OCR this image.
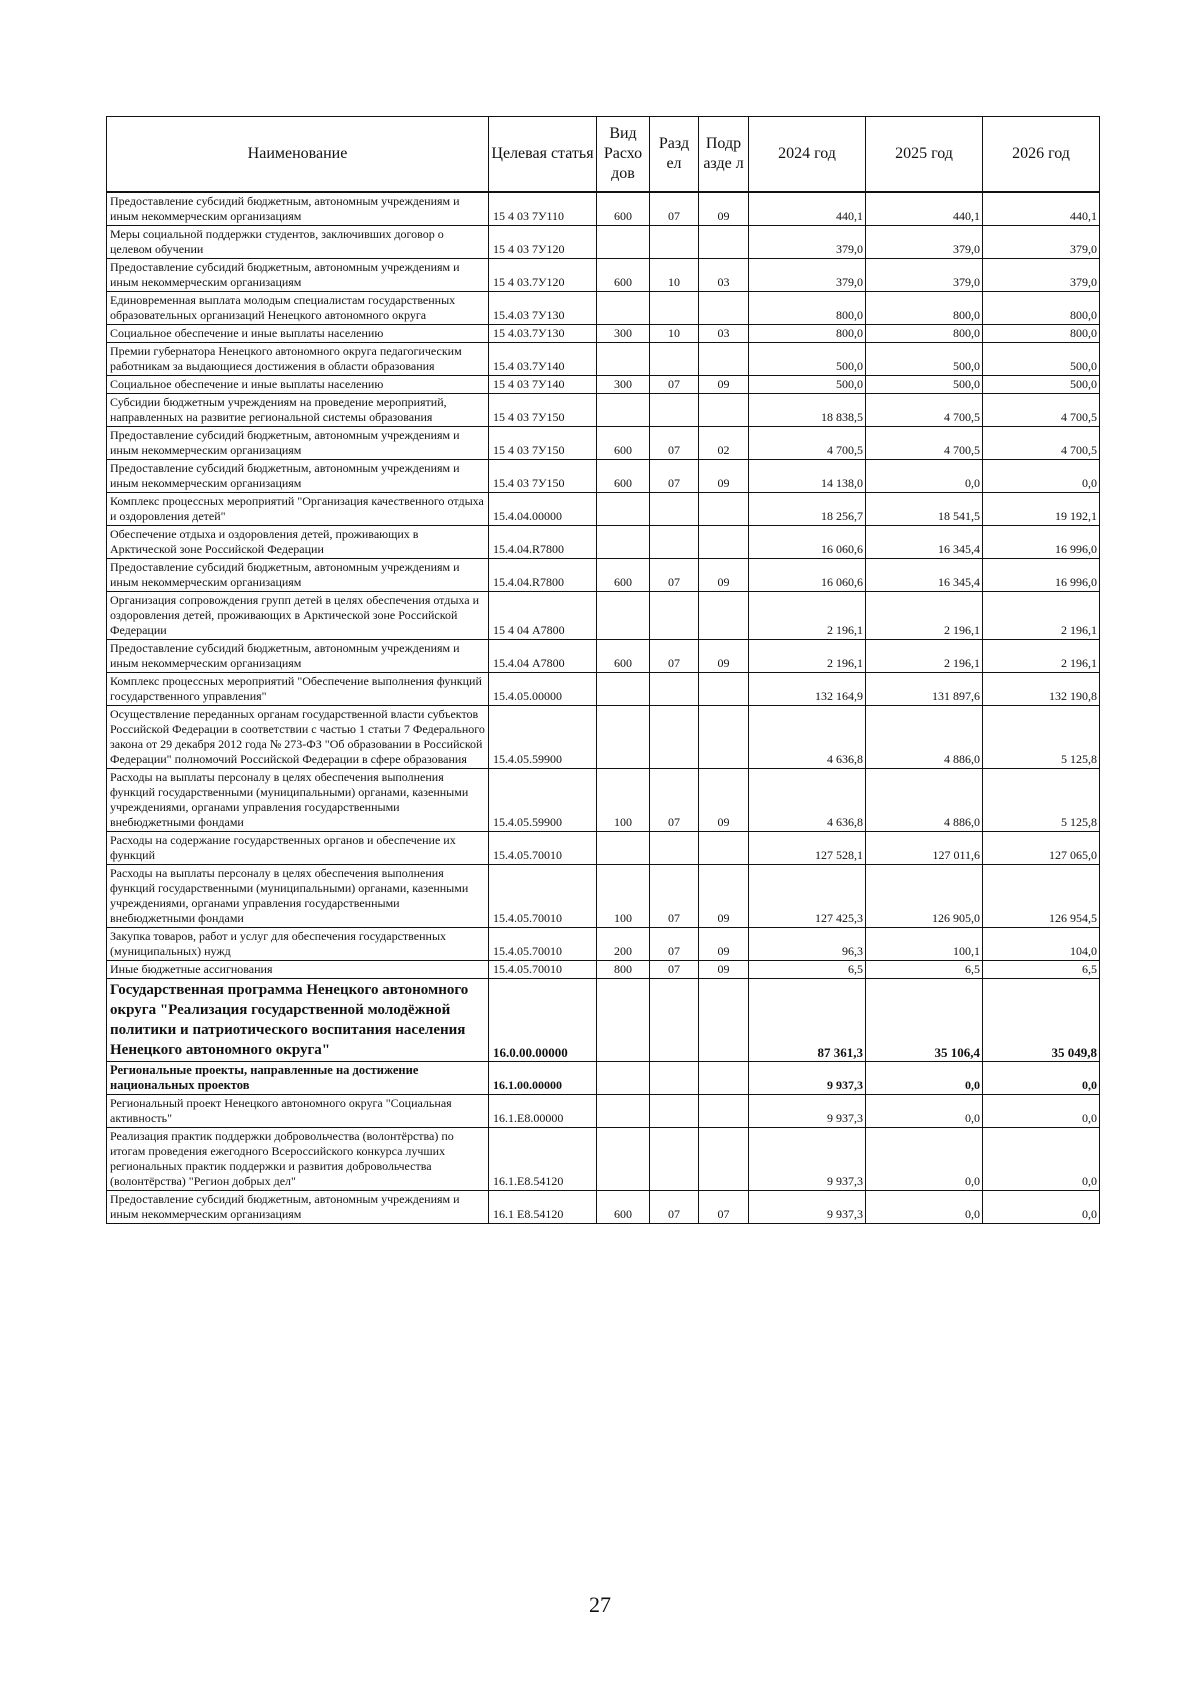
Наименование	Целевая статья	Вид Расхо дов	Разд ел	Подр азде л	2024 год	2025 год	2026 год
Предоставление субсидий бюджетным, автономным учреждениям и иным некоммерческим организациям	15 4 03 7У110	600	07	09	440,1	440,1	440,1
Меры социальной поддержки студентов, заключивших договор о целевом обучении	15 4 03 7У120				379,0	379,0	379,0
Предоставление субсидий бюджетным, автономным учреждениям и иным некоммерческим организациям	15 4 03.7У120	600	10	03	379,0	379,0	379,0
Единовременная выплата молодым специалистам государственных образовательных организаций Ненецкого автономного округа	15.4.03 7У130				800,0	800,0	800,0
Социальное обеспечение и иные выплаты населению	15 4.03.7У130	300	10	03	800,0	800,0	800,0
Премии губернатора Ненецкого автономного округа педагогическим работникам за выдающиеся достижения в области образования	15.4 03.7У140				500,0	500,0	500,0
Социальное обеспечение и иные выплаты населению	15 4 03 7У140	300	07	09	500,0	500,0	500,0
Субсидии бюджетным учреждениям на проведение мероприятий, направленных на развитие региональной системы образования	15 4 03 7У150				18 838,5	4 700,5	4 700,5
Предоставление субсидий бюджетным, автономным учреждениям и иным некоммерческим организациям	15 4 03 7У150	600	07	02	4 700,5	4 700,5	4 700,5
Предоставление субсидий бюджетным, автономным учреждениям и иным некоммерческим организациям	15.4 03 7У150	600	07	09	14 138,0	0,0	0,0
Комплекс процессных мероприятий "Организация качественного отдыха и оздоровления детей"	15.4.04.00000				18 256,7	18 541,5	19 192,1
Обеспечение отдыха и оздоровления детей, проживающих в Арктической зоне Российской Федерации	15.4.04.R7800				16 060,6	16 345,4	16 996,0
Предоставление субсидий бюджетным, автономным учреждениям и иным некоммерческим организациям	15.4.04.R7800	600	07	09	16 060,6	16 345,4	16 996,0
Организация сопровождения групп детей в целях обеспечения отдыха и оздоровления детей, проживающих в Арктической зоне Российской Федерации	15 4 04 А7800				2 196,1	2 196,1	2 196,1
Предоставление субсидий бюджетным, автономным учреждениям и иным некоммерческим организациям	15.4.04 А7800	600	07	09	2 196,1	2 196,1	2 196,1
Комплекс процессных мероприятий "Обеспечение выполнения функций государственного управления"	15.4.05.00000				132 164,9	131 897,6	132 190,8
Осуществление переданных органам государственной власти субъектов Российской Федерации в соответствии с частью 1 статьи 7 Федерального закона от 29 декабря 2012 года № 273-ФЗ "Об образовании в Российской Федерации" полномочий Российской Федерации в сфере образования	15.4.05.59900				4 636,8	4 886,0	5 125,8
Расходы на выплаты персоналу в целях обеспечения выполнения функций государственными (муниципальными) органами, казенными учреждениями, органами управления государственными внебюджетными фондами	15.4.05.59900	100	07	09	4 636,8	4 886,0	5 125,8
Расходы на содержание государственных органов и обеспечение их функций	15.4.05.70010				127 528,1	127 011,6	127 065,0
Расходы на выплаты персоналу в целях обеспечения выполнения функций государственными (муниципальными) органами, казенными учреждениями, органами управления государственными внебюджетными фондами	15.4.05.70010	100	07	09	127 425,3	126 905,0	126 954,5
Закупка товаров, работ и услуг для обеспечения государственных (муниципальных) нужд	15.4.05.70010	200	07	09	96,3	100,1	104,0
Иные бюджетные ассигнования	15.4.05.70010	800	07	09	6,5	6,5	6,5
Государственная программа Ненецкого автономного округа "Реализация государственной молодёжной политики и патриотического воспитания населения Ненецкого автономного округа"	16.0.00.00000				87 361,3	35 106,4	35 049,8
Региональные проекты, направленные на достижение национальных проектов	16.1.00.00000				9 937,3	0,0	0,0
Региональный проект Ненецкого автономного округа "Социальная активность"	16.1.E8.00000				9 937,3	0,0	0,0
Реализация практик поддержки добровольчества (волонтёрства) по итогам проведения ежегодного Всероссийского конкурса лучших региональных практик поддержки и развития добровольчества (волонтёрства) "Регион добрых дел"	16.1.E8.54120				9 937,3	0,0	0,0
Предоставление субсидий бюджетным, автономным учреждениям и иным некоммерческим организациям	16.1 E8.54120	600	07	07	9 937,3	0,0	0,0
27
